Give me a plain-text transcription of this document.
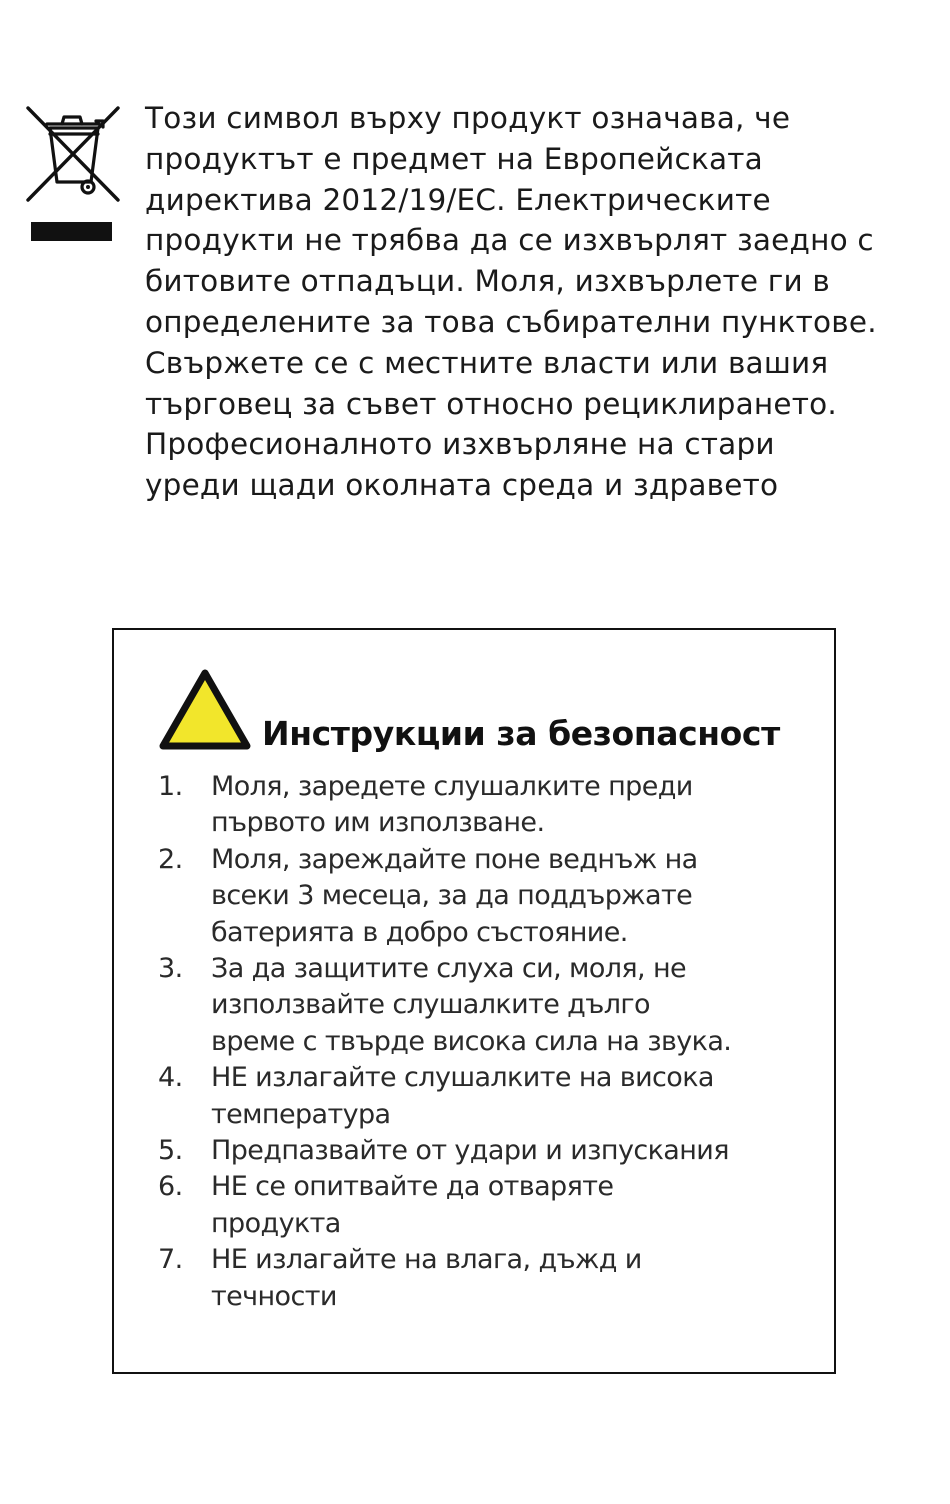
Този символ върху продукт означава, че
продуктът е предмет на Европейската
директива 2012/19/ЕС. Електрическите
продукти не трябва да се изхвърлят заедно с
битовите отпадъци. Моля, изхвърлете ги в
определените за това събирателни пунктове.
Свържете се с местните власти или вашия
търговец за съвет относно рециклирането.
Професионалното изхвърляне на стари
уреди щади околната среда и здравето

Инструкции за безопасност
1. Моля, заредете слушалките преди
първото им използване.
2. Моля, зареждайте поне веднъж на
всеки 3 месеца, за да поддържате
батерията в добро състояние.
3. За да защитите слуха си, моля, не
използвайте слушалките дълго
време с твърде висока сила на звука.
4. НЕ излагайте слушалките на висока
температура
5. Предпазвайте от удари и изпускания
6. НЕ се опитвайте да отваряте
продукта
7. НЕ излагайте на влага, дъжд и
течности
